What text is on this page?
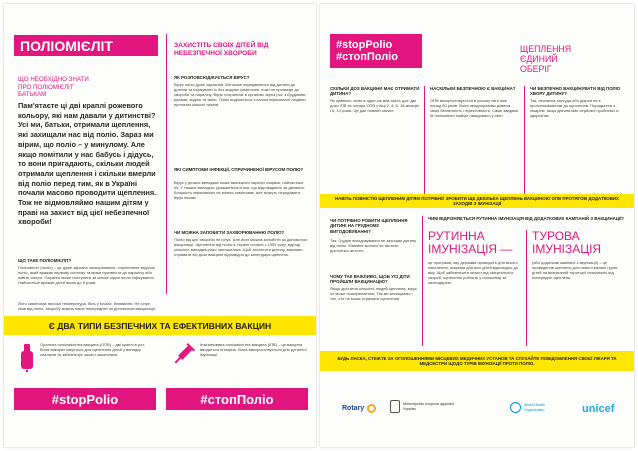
ПОЛІОМІЄЛІТ
ЩО НЕОБХІДНО ЗНАТИ ПРО ПОЛІОМІЄЛІТ БАТЬКАМ
Пам'ятаєте ці дві краплі рожевого кольору, які нам давали у дитинстві? Усі ми, батьки, отримали щеплення, які захищали нас від полio. Зараз ми вірим, що полio – у минулому. Але якщо помітили у нас бабусь і дідусь, то вони пригадають, скільки людей отримали щеплення і скільки вмерли від полio перед тим, як в Україні почали масово проводити щеплення. Тож не відмовляймо нашим дітям у праві на захист від цієї небезпечної хвороби!
ЩО ТАКЕ ПОЛІОМІЄЛІТ?
Поліомієліт (полio) – це дуже заразне захворювання, спричинене вірусом полio, який вражає нервову систему та може призвести до паралічу або навіть смерті. Паралічі може наступити за кілька годин після інфікування. Найчастіше вражає дітей віком до 5 років.
Його симптоми: висока температура, біль у м'язах, блювання. Не існує ліків від полio, хворобу можна лише попередити за допомогою вакцинації.
ЗАХИСТІТЬ СВОЇХ ДІТЕЙ ВІД НЕБЕЗПЕЧНОЇ ХВОРОБИ
ЯК РОЗПОВСЮДЖУЄТЬСЯ ВІРУС?
Вірус полio дуже заразний. Він може передаватися від дитини до дитини та інфікувати їх без жодних симптомів, поки не призведе до хвороби та паралічу. Вірус потрапляє в організм через рот, з брудними руками, водою та їжею. Полio виділяється з калом інфікованої людини протягом кількох тижнів.
ЯКІ СИМПТОМИ ІНФЕКЦІЇ, СПРИЧИНЕНОЇ ВІРУСОМ ПОЛІО?
Вірус у деяких випадках може викликати параліч кінцівок, найчастіше ніг. У тяжких випадках уражаються м'язи, що відповідають за дихання. Більшість інфікованих не мають симптомів, але можуть передавати вірус іншим.
ЧИ МОЖНА ЗАПОБІГТИ ЗАХВОРЮВАННЮ ПОЛІО?
Полio від цієї хвороби не існує. Але його можна запобігти за допомогою вакцинації. Щеплення від полio в Україні почали з 1959 року, відтоді кількість випадків різко зменшилась. Щоб захистити дитину, важливо отримати всі дози вакцини відповідно до календаря щеплень.
Є ДВА ТИПИ БЕЗПЕЧНИХ ТА ЕФЕКТИВНИХ ВАКЦИН
Оральна поліомієлітна вакцина (ОПВ) – дві краплі в рот. Вона використовується для щеплення дітей у випадку спалахів та забезпечує захист кишечника.
Інактивована поліомієлітна вакцина (ІПВ) – ця вакцина вводиться ін'єкцією. Вона використовується для рутинної імунізації.
#stopPolio	#стопПоліо
#stopPolio
#стопПоліо
ЩЕПЛЕННЯ ЄДИНИЙ ОБЕРІГ
СКІЛЬКИ ДОЗ ВАКЦИНИ МАЄ ОТРИМАТИ ДИТИНА?
Як правило, вони в один рік має шість доз: дві дози ІПВ та чотири ОПВ у віці 2, 4, 6, 18 місяців і 6, 14 років. Це дає повний захист.
НАСКІЛЬКИ БЕЗПЕЧНОЮ Є ВАКЦИНА?
ОПВ використовується в усьому світі вже понад 50 років. Вона неодноразово довела свою безпечність і ефективність. Саме завдяки їй поліомієліт майже ліквідовано у світі.
ЧИ БЕЗПЕЧНО ВАКЦИНУВАТИ ВІД ПОЛІО ХВОРУ ДИТИНУ?
Так, незначна застуда або діарея не є протипоказанням до щеплення. Порадьтеся з лікарем, якщо дитина має серйозні проблеми зі здоров'ям.
НАВІТЬ ПОВНІСТЮ ЩЕПЛЕНИМ ДІТЯМ ПОТРІБНО ЗРОБИТИ ЩЕ ДЕКІЛЬКА ЩЕПЛЕНЬ ВАКЦИНОЮ ОПВ ПРОТЯГОМ ДОДАТКОВИХ ЗАХОДІВ З ІМУНІЗАЦІЇ
ЧИ ПОТРІБНО РОБИТИ ЩЕПЛЕННЯ ДИТИНІ НА ГРУДНОМУ ВИГОДОВУВАННІ?
Так. Грудне вигодовування не захищає дитину від полio. Мамине молоко не містить достатньо антитіл.
ЧОМУ ТАК ВАЖЛИВО, ЩОБ УСІ ДІТИ ПРОЙШЛИ ВАКЦИНАЦІЮ?
Якщо достатня кількість людей щеплена, вірус не може поширюватися. Так ми захищаємо і тих, хто не може отримати щеплення.
ЧИМ ВІДРІЗНЯЄТЬСЯ РУТИННА ІМУНІЗАЦІЯ ВІД ДОДАТКОВИХ КАМПАНІЙ З ВАКЦИНАЦІЇ?
РУТИННА ІМУНІЗАЦІЯ —
це програма, яку держава проводить для всього населення, зокрема для всіх дітей відповідно до віку. Щоб забезпечити захист від смертельних хвороб, щеплення роблять у поліклініці за календарем.
ТУРОВА ІМУНІЗАЦІЯ
(або додаткові кампанії з імунізації) – це проведення щеплень для певної вікової групи дітей на визначеній території незалежно від попередніх щеплень.
БУДЬ ЛАСКА, СТЕЖТЕ ЗА ОГОЛОШЕННЯМИ МІСЦЕВИХ МЕДИЧНИХ УСТАНОВ ТА СЛУХАЙТЕ ПОВІДОМЛЕННЯ СВОЄЇ ЛІКАРЯ ТА МЕДСЕСТРИ ЩОДО ТУРІВ ІМУНІЗАЦІЇ ПРОТИ ПОЛІО.
Rotary
Міністерство охорони здоров'я України
World Health Organization	unicef
